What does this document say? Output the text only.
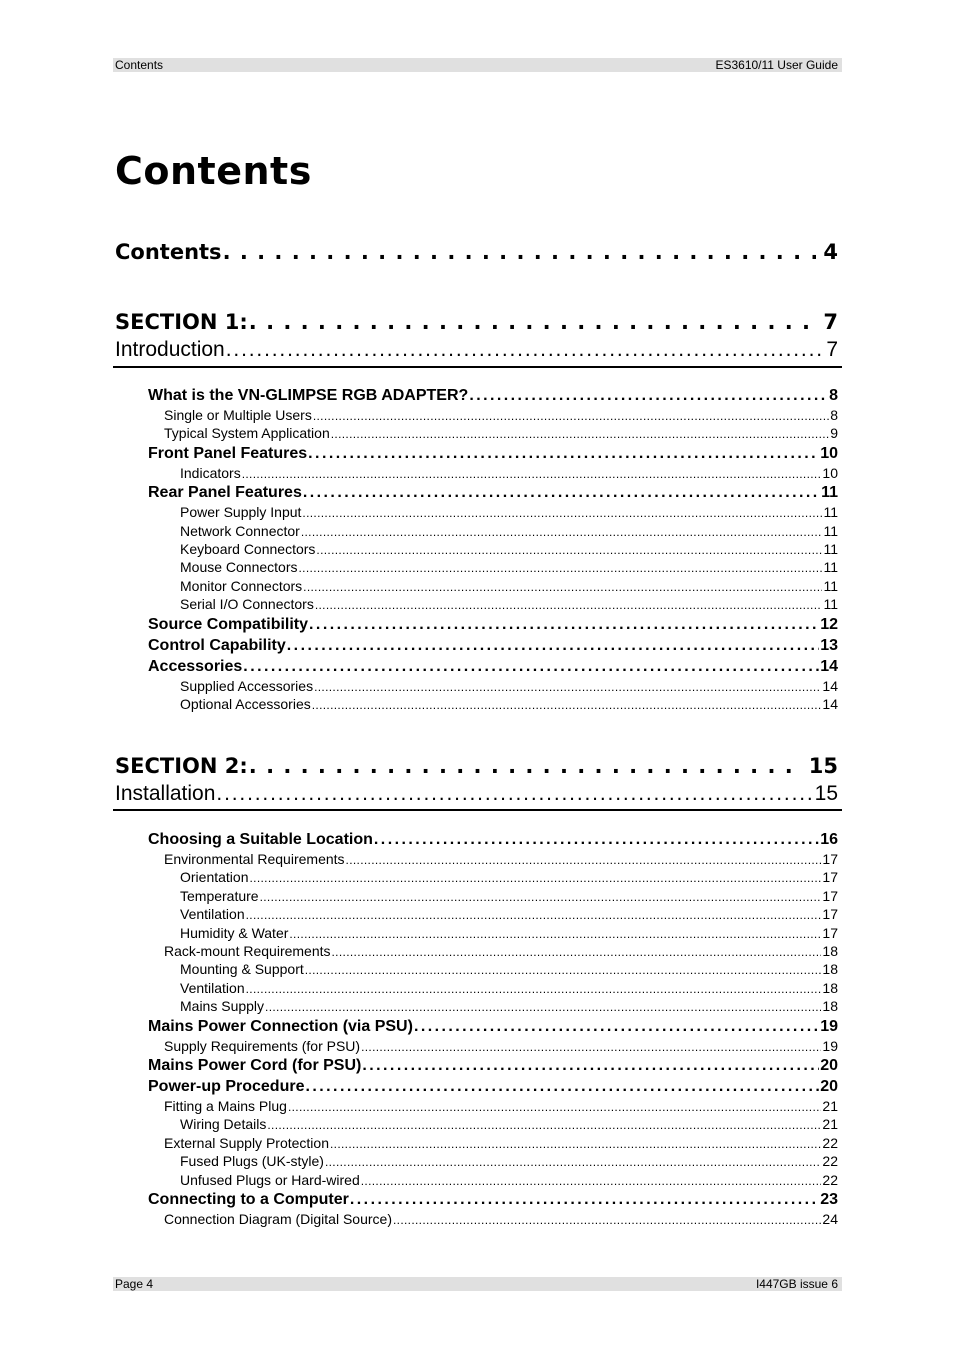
Contents	ES3610/11 User Guide
Contents
Contents . . .	4
SECTION 1: . . .	7
Introduction . . .	7
What is the VN-GLIMPSE RGB ADAPTER? . . .	8
Single or Multiple Users . . .	8
Typical System Application . . .	9
Front Panel Features . . .	10
Indicators . . .	10
Rear Panel Features . . .	11
Power Supply Input . . .	11
Network Connector . . .	11
Keyboard Connectors . . .	11
Mouse Connectors . . .	11
Monitor Connectors . . .	11
Serial I/O Connectors . . .	11
Source Compatibility . . .	12
Control Capability . . .	13
Accessories . . .	14
Supplied Accessories . . .	14
Optional Accessories . . .	14
SECTION 2: . . .	15
Installation . . .	15
Choosing a Suitable Location . . .	16
Environmental Requirements . . .	17
Orientation . . .	17
Temperature . . .	17
Ventilation . . .	17
Humidity & Water . . .	17
Rack-mount Requirements . . .	18
Mounting & Support . . .	18
Ventilation . . .	18
Mains Supply . . .	18
Mains Power Connection (via PSU) . . .	19
Supply Requirements (for PSU) . . .	19
Mains Power Cord (for PSU) . . .	20
Power-up Procedure . . .	20
Fitting a Mains Plug . . .	21
Wiring Details . . .	21
External Supply Protection . . .	22
Fused Plugs (UK-style) . . .	22
Unfused Plugs or Hard-wired . . .	22
Connecting to a Computer . . .	23
Connection Diagram (Digital Source) . . .	24
Page 4	I447GB issue 6
